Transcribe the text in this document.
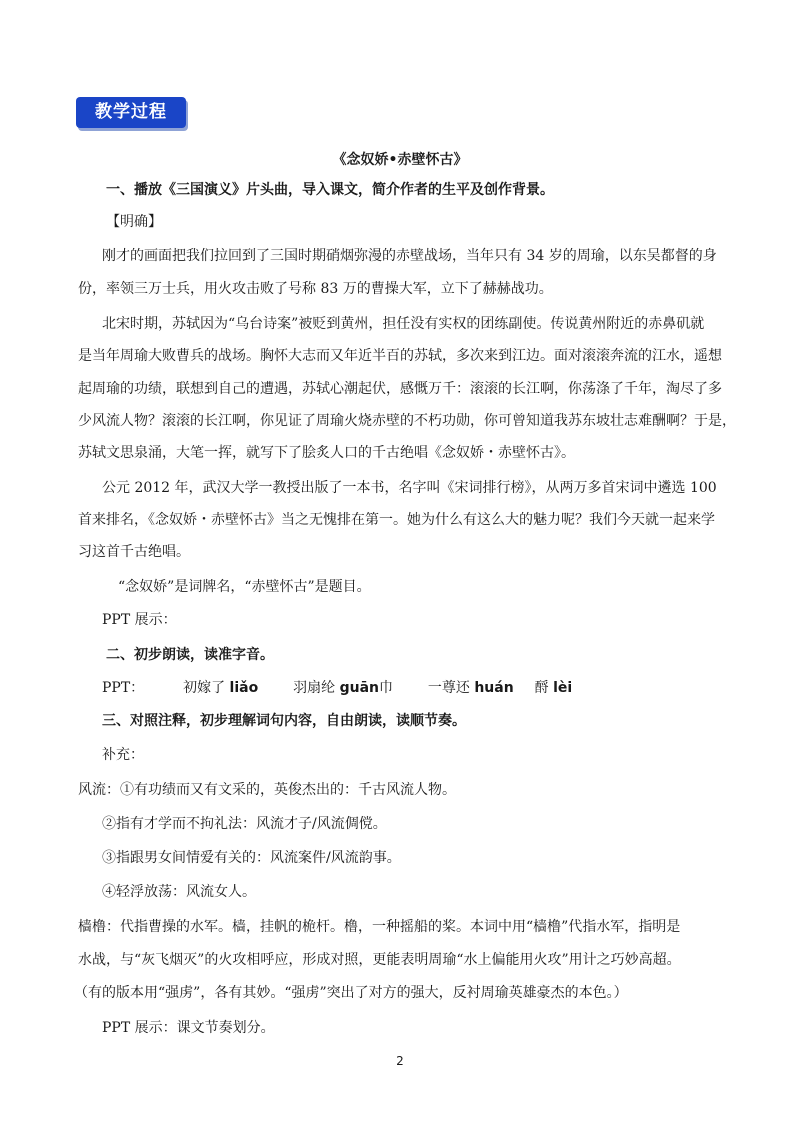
教学过程
《念奴娇•赤壁怀古》
一、播放《三国演义》片头曲，导入课文，简介作者的生平及创作背景。
【明确】
刚才的画面把我们拉回到了三国时期硝烟弥漫的赤壁战场，当年只有 34 岁的周瑜，以东吴都督的身
份，率领三万士兵，用火攻击败了号称 83 万的曹操大军，立下了赫赫战功。
北宋时期，苏轼因为“乌台诗案”被贬到黄州，担任没有实权的团练副使。传说黄州附近的赤鼻矶就
是当年周瑜大败曹兵的战场。胸怀大志而又年近半百的苏轼，多次来到江边。面对滚滚奔流的江水，遥想
起周瑜的功绩，联想到自己的遭遇，苏轼心潮起伏，感慨万千：滚滚的长江啊，你荡涤了千年，淘尽了多
少风流人物？滚滚的长江啊，你见证了周瑜火烧赤壁的不朽功勋，你可曾知道我苏东坡壮志难酬啊？于是，
苏轼文思泉涌，大笔一挥，就写下了脍炙人口的千古绝唱《念奴娇・赤壁怀古》。
公元 2012 年，武汉大学一教授出版了一本书，名字叫《宋词排行榜》，从两万多首宋词中遴选 100
首来排名，《念奴娇・赤壁怀古》当之无愧排在第一。她为什么有这么大的魅力呢？我们今天就一起来学
习这首千古绝唱。
“念奴娇”是词牌名，“赤壁怀古”是题目。
PPT 展示：
二、初步朗读，读准字音。
PPT：	初嫁了 liǎo 羽扇纶 guān巾 一尊还 huán 酹 lèi
三、对照注释，初步理解词句内容，自由朗读，读顺节奏。
补充：
风流：①有功绩而又有文采的，英俊杰出的：千古风流人物。
②指有才学而不拘礼法：风流才子/风流倜傥。
③指跟男女间情爱有关的：风流案件/风流韵事。
④轻浮放荡：风流女人。
樯橹：代指曹操的水军。樯，挂帆的桅杆。橹，一种摇船的桨。本词中用“樯橹”代指水军，指明是
水战，与“灰飞烟灭”的火攻相呼应，形成对照，更能表明周瑜“水上偏能用火攻”用计之巧妙高超。
（有的版本用“强虏”，各有其妙。“强虏”突出了对方的强大，反衬周瑜英雄豪杰的本色。）
PPT 展示：课文节奏划分。
2
